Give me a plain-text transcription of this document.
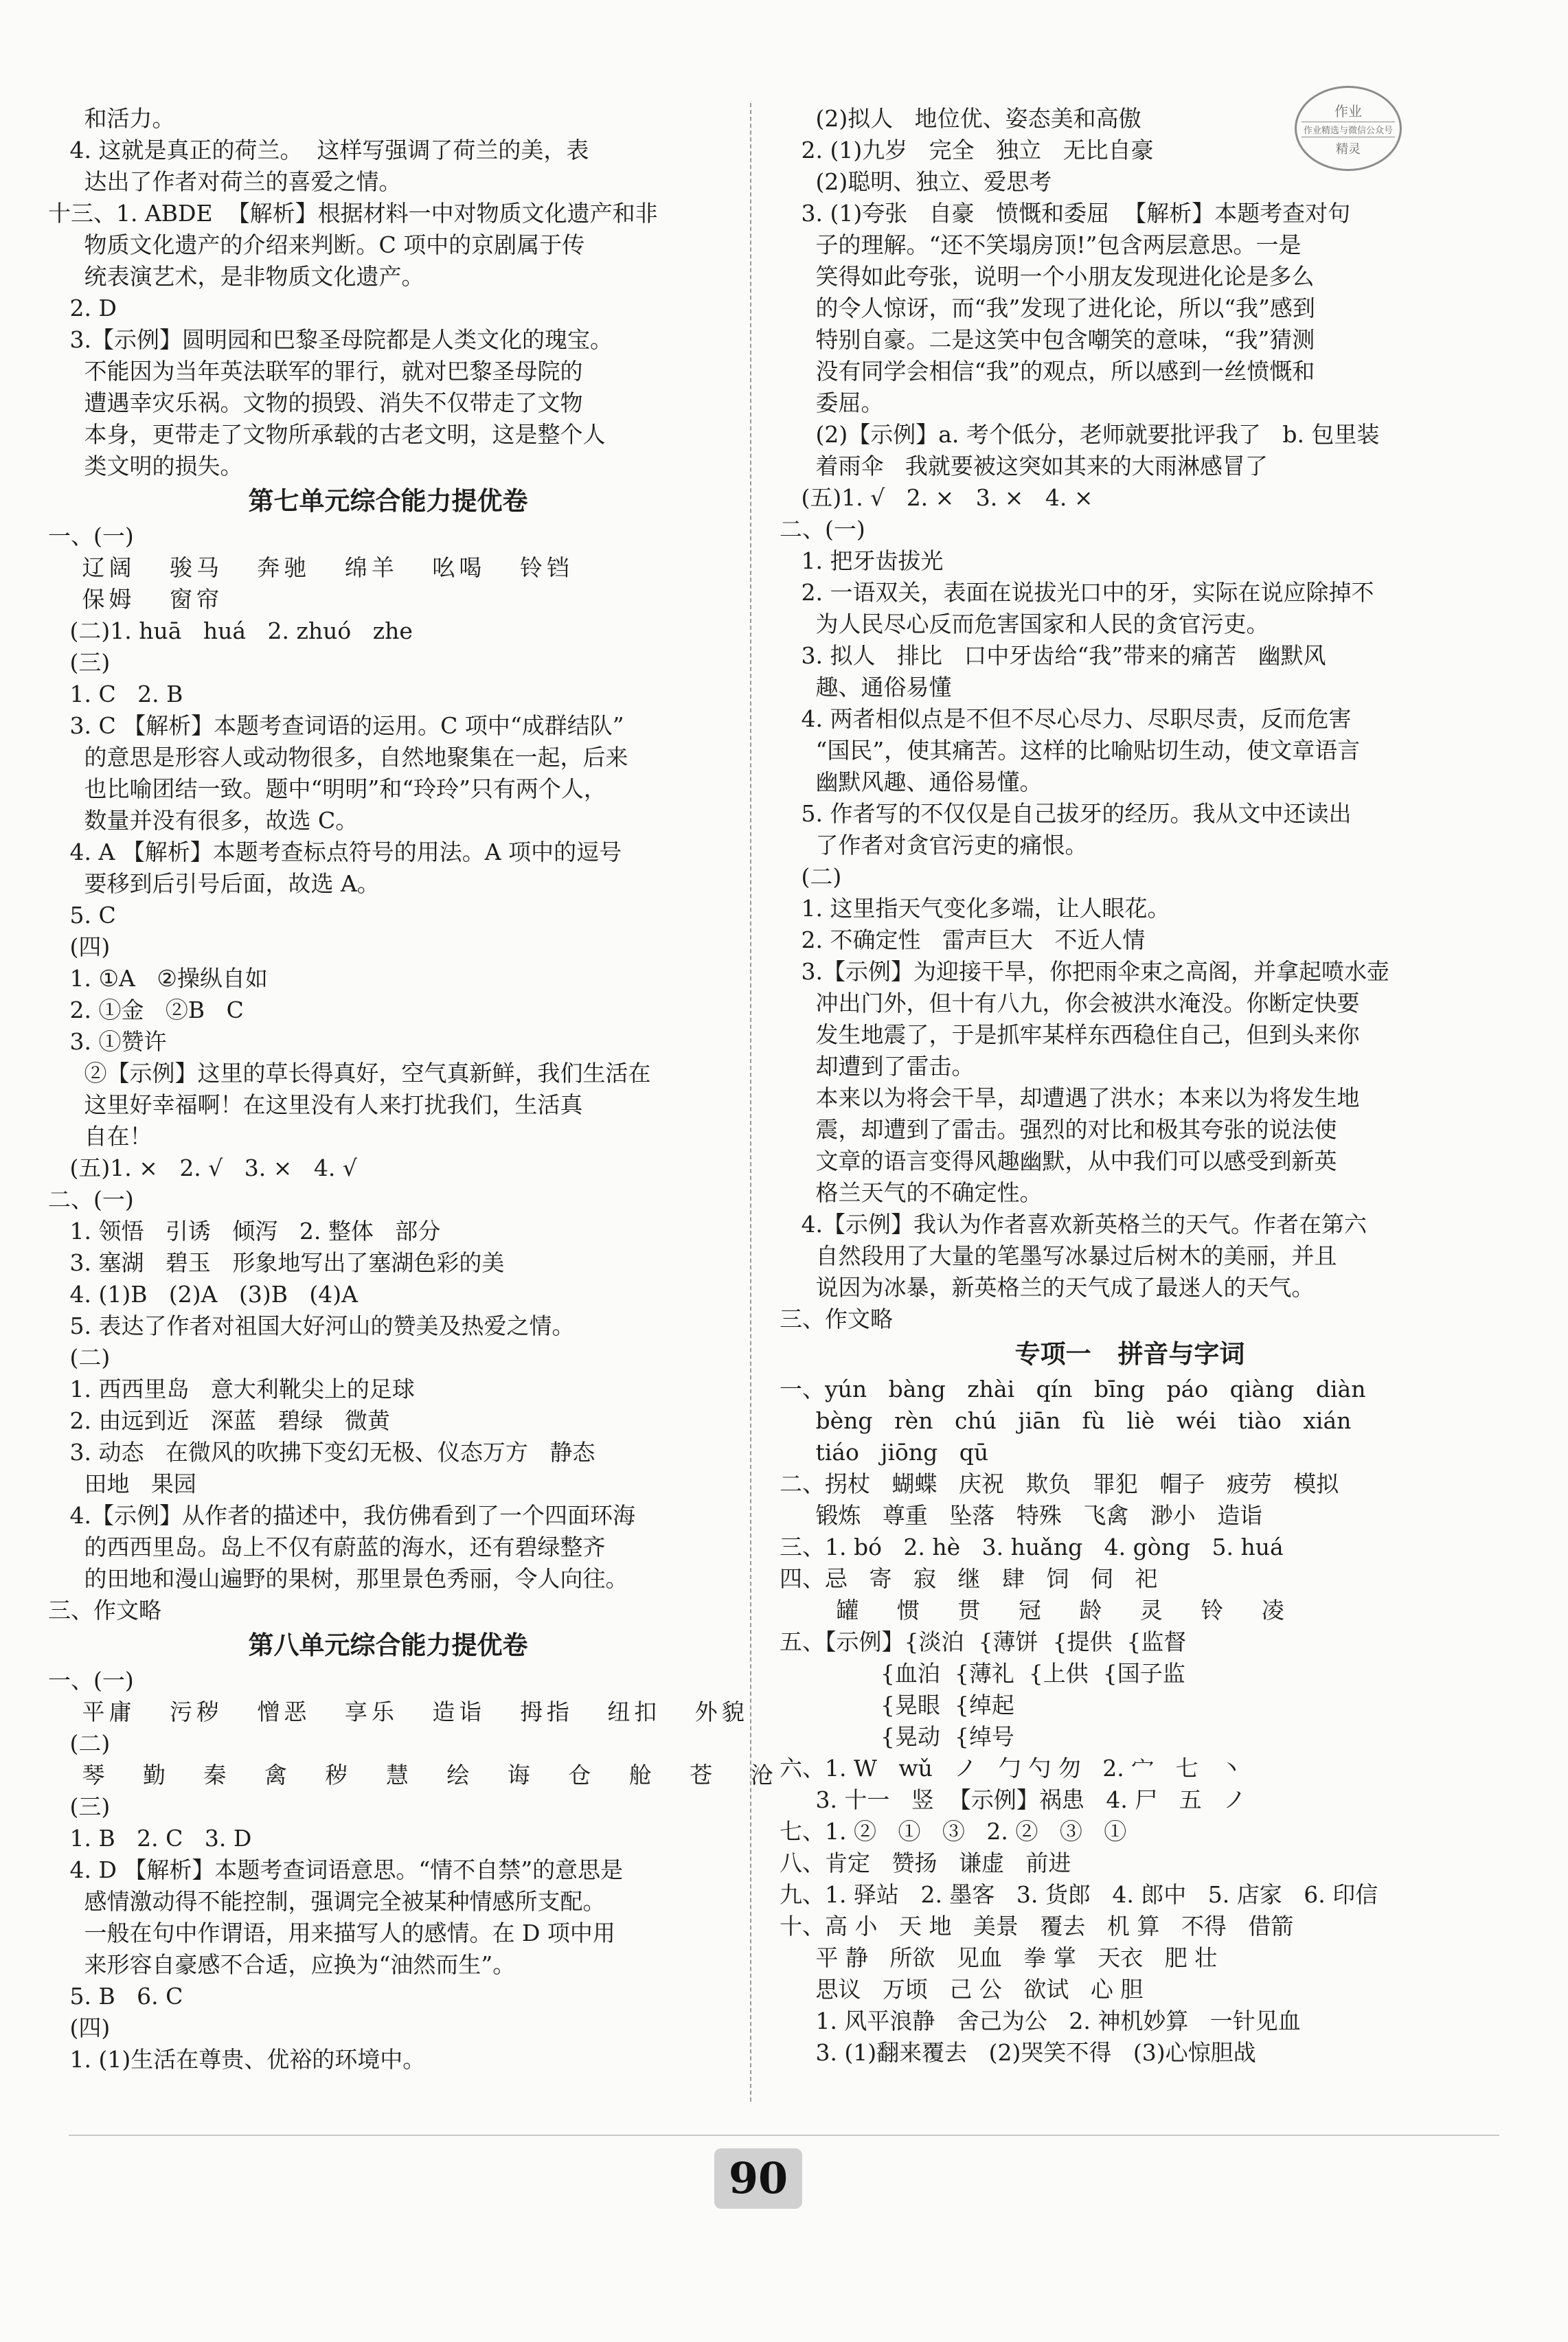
和活力。
4. 这就是真正的荷兰。  这样写强调了荷兰的美，表
达出了作者对荷兰的喜爱之情。
十三、1. ABDE  【解析】根据材料一中对物质文化遗产和非
物质文化遗产的介绍来判断。C 项中的京剧属于传
统表演艺术，是非物质文化遗产。
2. D
3.【示例】圆明园和巴黎圣母院都是人类文化的瑰宝。
不能因为当年英法联军的罪行，就对巴黎圣母院的
遭遇幸灾乐祸。文物的损毁、消失不仅带走了文物
本身，更带走了文物所承载的古老文明，这是整个人
类文明的损失。
第七单元综合能力提优卷
一、(一)
辽阔   骏马   奔驰   绵羊   吆喝   铃铛
保姆   窗帘
(二)1. huā   huá   2. zhuó   zhe
(三)
1. C   2. B
3. C 【解析】本题考查词语的运用。C 项中“成群结队”
的意思是形容人或动物很多，自然地聚集在一起，后来
也比喻团结一致。题中“明明”和“玲玲”只有两个人，
数量并没有很多，故选 C。
4. A 【解析】本题考查标点符号的用法。A 项中的逗号
要移到后引号后面，故选 A。
5. C
(四)
1. ①A   ②操纵自如
2. ①金   ②B   C
3. ①赞许
②【示例】这里的草长得真好，空气真新鲜，我们生活在
这里好幸福啊！在这里没有人来打扰我们，生活真
自在！
(五)1. ×   2. √   3. ×   4. √
二、(一)
1. 领悟   引诱   倾泻   2. 整体   部分
3. 塞湖   碧玉   形象地写出了塞湖色彩的美
4. (1)B   (2)A   (3)B   (4)A
5. 表达了作者对祖国大好河山的赞美及热爱之情。
(二)
1. 西西里岛   意大利靴尖上的足球
2. 由远到近   深蓝   碧绿   微黄
3. 动态   在微风的吹拂下变幻无极、仪态万方   静态
田地   果园
4.【示例】从作者的描述中，我仿佛看到了一个四面环海
的西西里岛。岛上不仅有蔚蓝的海水，还有碧绿整齐
的田地和漫山遍野的果树，那里景色秀丽，令人向往。
三、作文略
第八单元综合能力提优卷
一、(一)
平庸   污秽   憎恶   享乐   造诣   拇指   纽扣   外貌
(二)
琴   勤   秦   禽   秽   慧   绘   诲   仓   舱   苍   沧
(三)
1. B   2. C   3. D
4. D 【解析】本题考查词语意思。“情不自禁”的意思是
感情激动得不能控制，强调完全被某种情感所支配。
一般在句中作谓语，用来描写人的感情。在 D 项中用
来形容自豪感不合适，应换为“油然而生”。
5. B   6. C
(四)
1. (1)生活在尊贵、优裕的环境中。
(2)拟人   地位优、姿态美和高傲
2. (1)九岁   完全   独立   无比自豪
(2)聪明、独立、爱思考
3. (1)夸张   自豪   愤慨和委屈  【解析】本题考查对句
子的理解。“还不笑塌房顶!”包含两层意思。一是
笑得如此夸张，说明一个小朋友发现进化论是多么
的令人惊讶，而“我”发现了进化论，所以“我”感到
特别自豪。二是这笑中包含嘲笑的意味，“我”猜测
没有同学会相信“我”的观点，所以感到一丝愤慨和
委屈。
(2)【示例】a. 考个低分，老师就要批评我了   b. 包里装
着雨伞   我就要被这突如其来的大雨淋感冒了
(五)1. √   2. ×   3. ×   4. ×
二、(一)
1. 把牙齿拔光
2. 一语双关，表面在说拔光口中的牙，实际在说应除掉不
为人民尽心反而危害国家和人民的贪官污吏。
3. 拟人   排比   口中牙齿给“我”带来的痛苦   幽默风
趣、通俗易懂
4. 两者相似点是不但不尽心尽力、尽职尽责，反而危害
“国民”，使其痛苦。这样的比喻贴切生动，使文章语言
幽默风趣、通俗易懂。
5. 作者写的不仅仅是自己拔牙的经历。我从文中还读出
了作者对贪官污吏的痛恨。
(二)
1. 这里指天气变化多端，让人眼花。
2. 不确定性   雷声巨大   不近人情
3.【示例】为迎接干旱，你把雨伞束之高阁，并拿起喷水壶
冲出门外，但十有八九，你会被洪水淹没。你断定快要
发生地震了，于是抓牢某样东西稳住自己，但到头来你
却遭到了雷击。
本来以为将会干旱，却遭遇了洪水；本来以为将发生地
震，却遭到了雷击。强烈的对比和极其夸张的说法使
文章的语言变得风趣幽默，从中我们可以感受到新英
格兰天气的不确定性。
4.【示例】我认为作者喜欢新英格兰的天气。作者在第六
自然段用了大量的笔墨写冰暴过后树木的美丽，并且
说因为冰暴，新英格兰的天气成了最迷人的天气。
三、作文略
专项一   拼音与字词
一、yún   bàng   zhài   qín   bīng   páo   qiàng   diàn
bèng   rèn   chú   jiān   fù   liè   wéi   tiào   xián
tiáo   jiōng   qū
二、拐杖   蝴蝶   庆祝   欺负   罪犯   帽子   疲劳   模拟
锻炼   尊重   坠落   特殊   飞禽   渺小   造诣
三、1. bó   2. hè   3. huǎng   4. gòng   5. huá
四、忌   寄   寂   继   肆   饲   伺   祀
罐   惯   贯   冠   龄   灵   铃   凌
五、【示例】{淡泊  {薄饼  {提供  {监督
{血泊  {薄礼  {上供  {国子监
{晃眼  {绰起
{晃动  {绰号
六、1. W   wǔ   ノ   勹 勺 勿   2. 宀   七   丶
3. 十一   竖  【示例】祸患   4. 尸   五   ノ
七、1. ②   ①   ③   2. ②   ③   ①
八、肯定   赞扬   谦虚   前进
九、1. 驿站   2. 墨客   3. 货郎   4. 郎中   5. 店家   6. 印信
十、高 小   天 地   美景   覆去   机 算   不得   借箭
平 静   所欲   见血   拳 掌   天衣   肥 壮
思议   万顷   己 公   欲试   心 胆
1. 风平浪静   舍己为公   2. 神机妙算   一针见血
3. (1)翻来覆去   (2)哭笑不得   (3)心惊胆战
作业
作业精选与微信公众号
精灵
90
